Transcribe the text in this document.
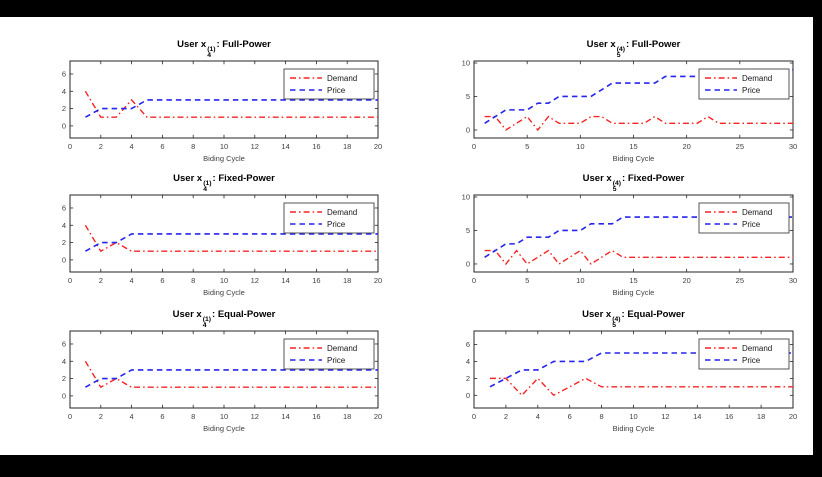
User x (1)
4
: Full-Power
0	2	4	6	8	10	12	14	16	18	20
0
2
4
6
Biding Cycle
Demand
Price
User x (4)
5
: Full-Power
0	5	10	15	20	25	30
0
5
10
Biding Cycle
Demand
Price
User x (1)
4
: Fixed-Power
0	2	4	6	8	10	12	14	16	18	20
0
2
4
6
Biding Cycle
Demand
Price
User x (4)
5
: Fixed-Power
0	5	10	15	20	25	30
0
5
10
Biding Cycle
Demand
Price
User x (1)
4
: Equal-Power
0	2	4	6	8	10	12	14	16	18	20
0
2
4
6
Biding Cycle
Demand
Price
User x (4)
5
: Equal-Power
0	2	4	6	8	10	12	14	16	18	20
0
2
4
6
Biding Cycle
Demand
Price
